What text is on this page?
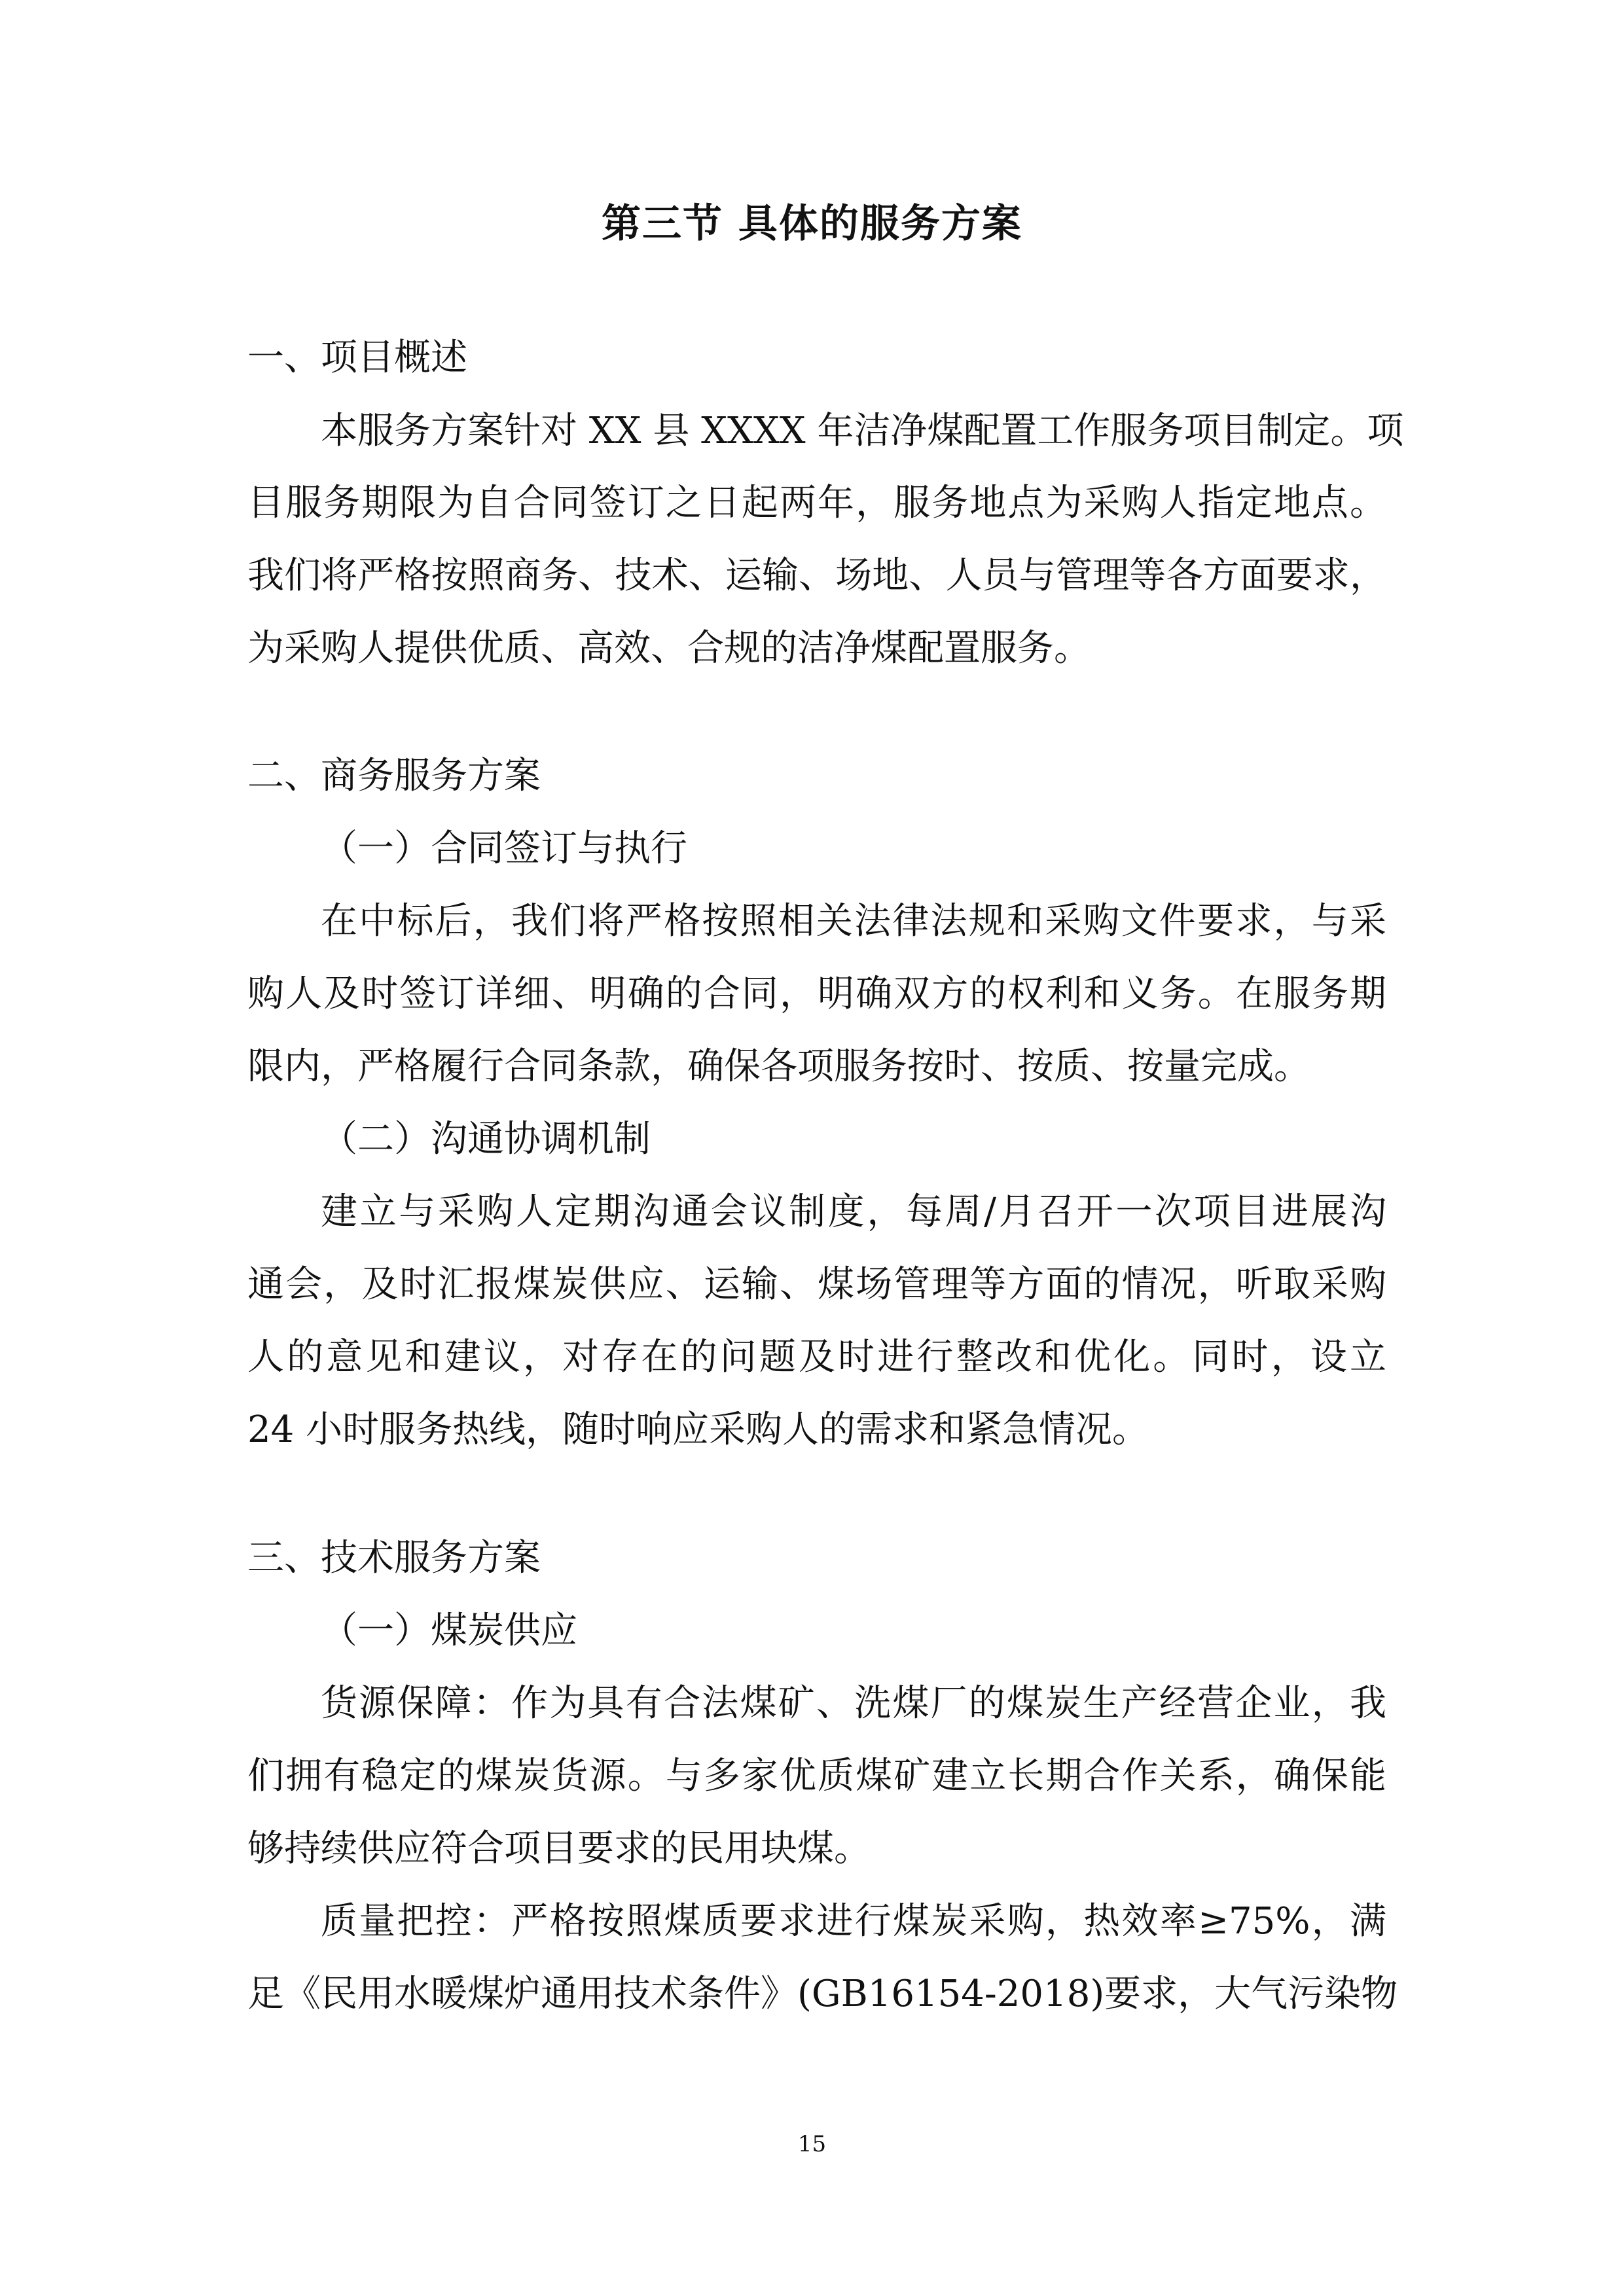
第三节 具体的服务方案
一、项目概述
本服务方案针对 XX 县 XXXX 年洁净煤配置工作服务项目制定。项
目服务期限为自合同签订之日起两年，服务地点为采购人指定地点。
我们将严格按照商务、技术、运输、场地、人员与管理等各方面要求，
为采购人提供优质、高效、合规的洁净煤配置服务。
二、商务服务方案
（一）合同签订与执行
在中标后，我们将严格按照相关法律法规和采购文件要求，与采
购人及时签订详细、明确的合同，明确双方的权利和义务。在服务期
限内，严格履行合同条款，确保各项服务按时、按质、按量完成。
（二）沟通协调机制
建立与采购人定期沟通会议制度，每周/月召开一次项目进展沟
通会，及时汇报煤炭供应、运输、煤场管理等方面的情况，听取采购
人的意见和建议，对存在的问题及时进行整改和优化。同时，设立
24 小时服务热线，随时响应采购人的需求和紧急情况。
三、技术服务方案
（一）煤炭供应
货源保障：作为具有合法煤矿、洗煤厂的煤炭生产经营企业，我
们拥有稳定的煤炭货源。与多家优质煤矿建立长期合作关系，确保能
够持续供应符合项目要求的民用块煤。
质量把控：严格按照煤质要求进行煤炭采购，热效率≥75%，满
足《民用水暖煤炉通用技术条件》(GB16154-2018)要求，大气污染物
15
